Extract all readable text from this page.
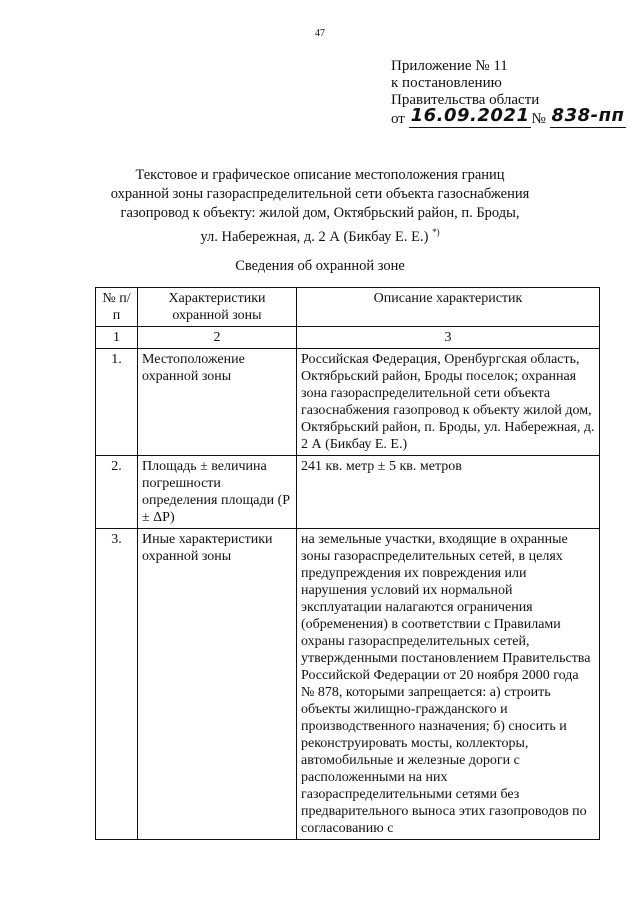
47
Приложение № 11
к постановлению
Правительства области
от 16.09.2021 № 838-пп
Текстовое и графическое описание местоположения границ
охранной зоны газораспределительной сети объекта газоснабжения
газопровод к объекту: жилой дом, Октябрьский район, п. Броды,
ул. Набережная, д. 2 А (Бикбау Е. Е.) *)
Сведения об охранной зоне
№ п/п	Характеристики охранной зоны	Описание характеристик
1	2	3
1.	Местоположение охранной зоны	Российская Федерация, Оренбургская область, Октябрьский район, Броды поселок; охранная зона газораспределительной сети объекта газоснабжения газопровод к объекту жилой дом, Октябрьский район, п. Броды, ул. Набережная, д. 2 А (Бикбау Е. Е.)
2.	Площадь ± величина погрешности определения площади (P ± ΔP)	241 кв. метр ± 5 кв. метров
3.	Иные характеристики охранной зоны	на земельные участки, входящие в охранные зоны газораспределительных сетей, в целях предупреждения их повреждения или нарушения условий их нормальной эксплуатации налагаются ограничения (обременения) в соответствии с Правилами охраны газораспределительных сетей, утвержденными постановлением Правительства Российской Федерации от 20 ноября 2000 года № 878, которыми запрещается: а) строить объекты жилищно-гражданского и производственного назначения; б) сносить и реконструировать мосты, коллекторы, автомобильные и железные дороги с расположенными на них газораспределительными сетями без предварительного выноса этих газопроводов по согласованию с
